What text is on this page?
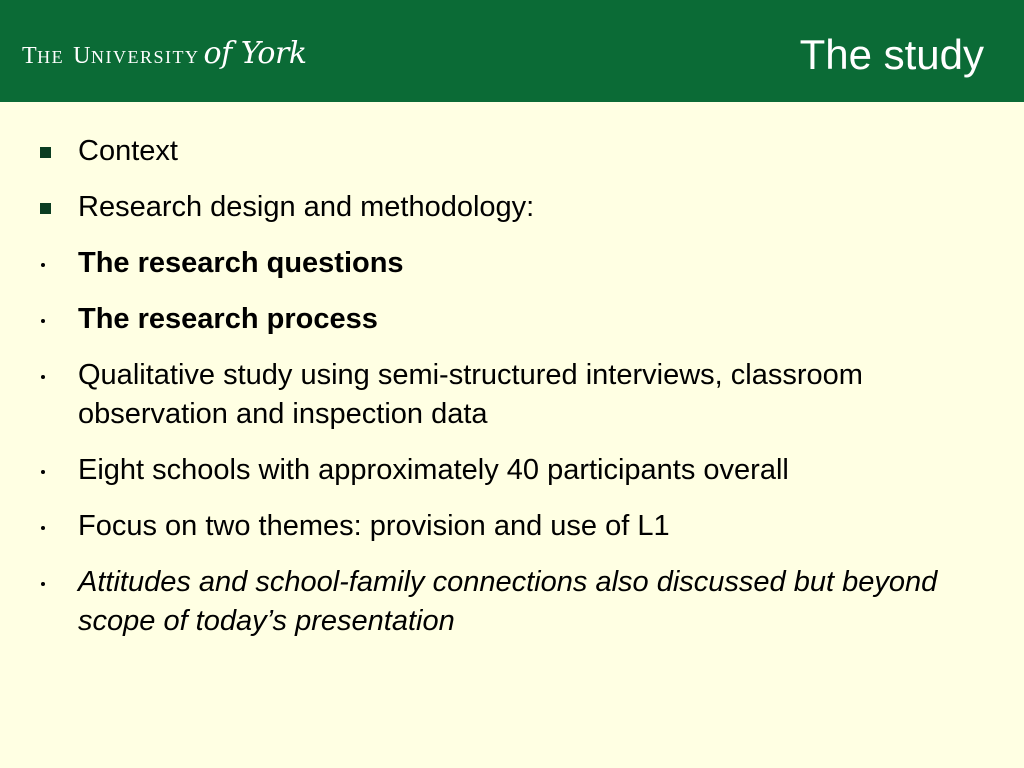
THE UNIVERSITY of York	The study
Context
Research design and methodology:
The research questions
The research process
Qualitative study using semi-structured interviews, classroom observation and inspection data
Eight schools with approximately 40 participants overall
Focus on two themes: provision and use of L1
Attitudes and school-family connections also discussed but beyond scope of today’s presentation
